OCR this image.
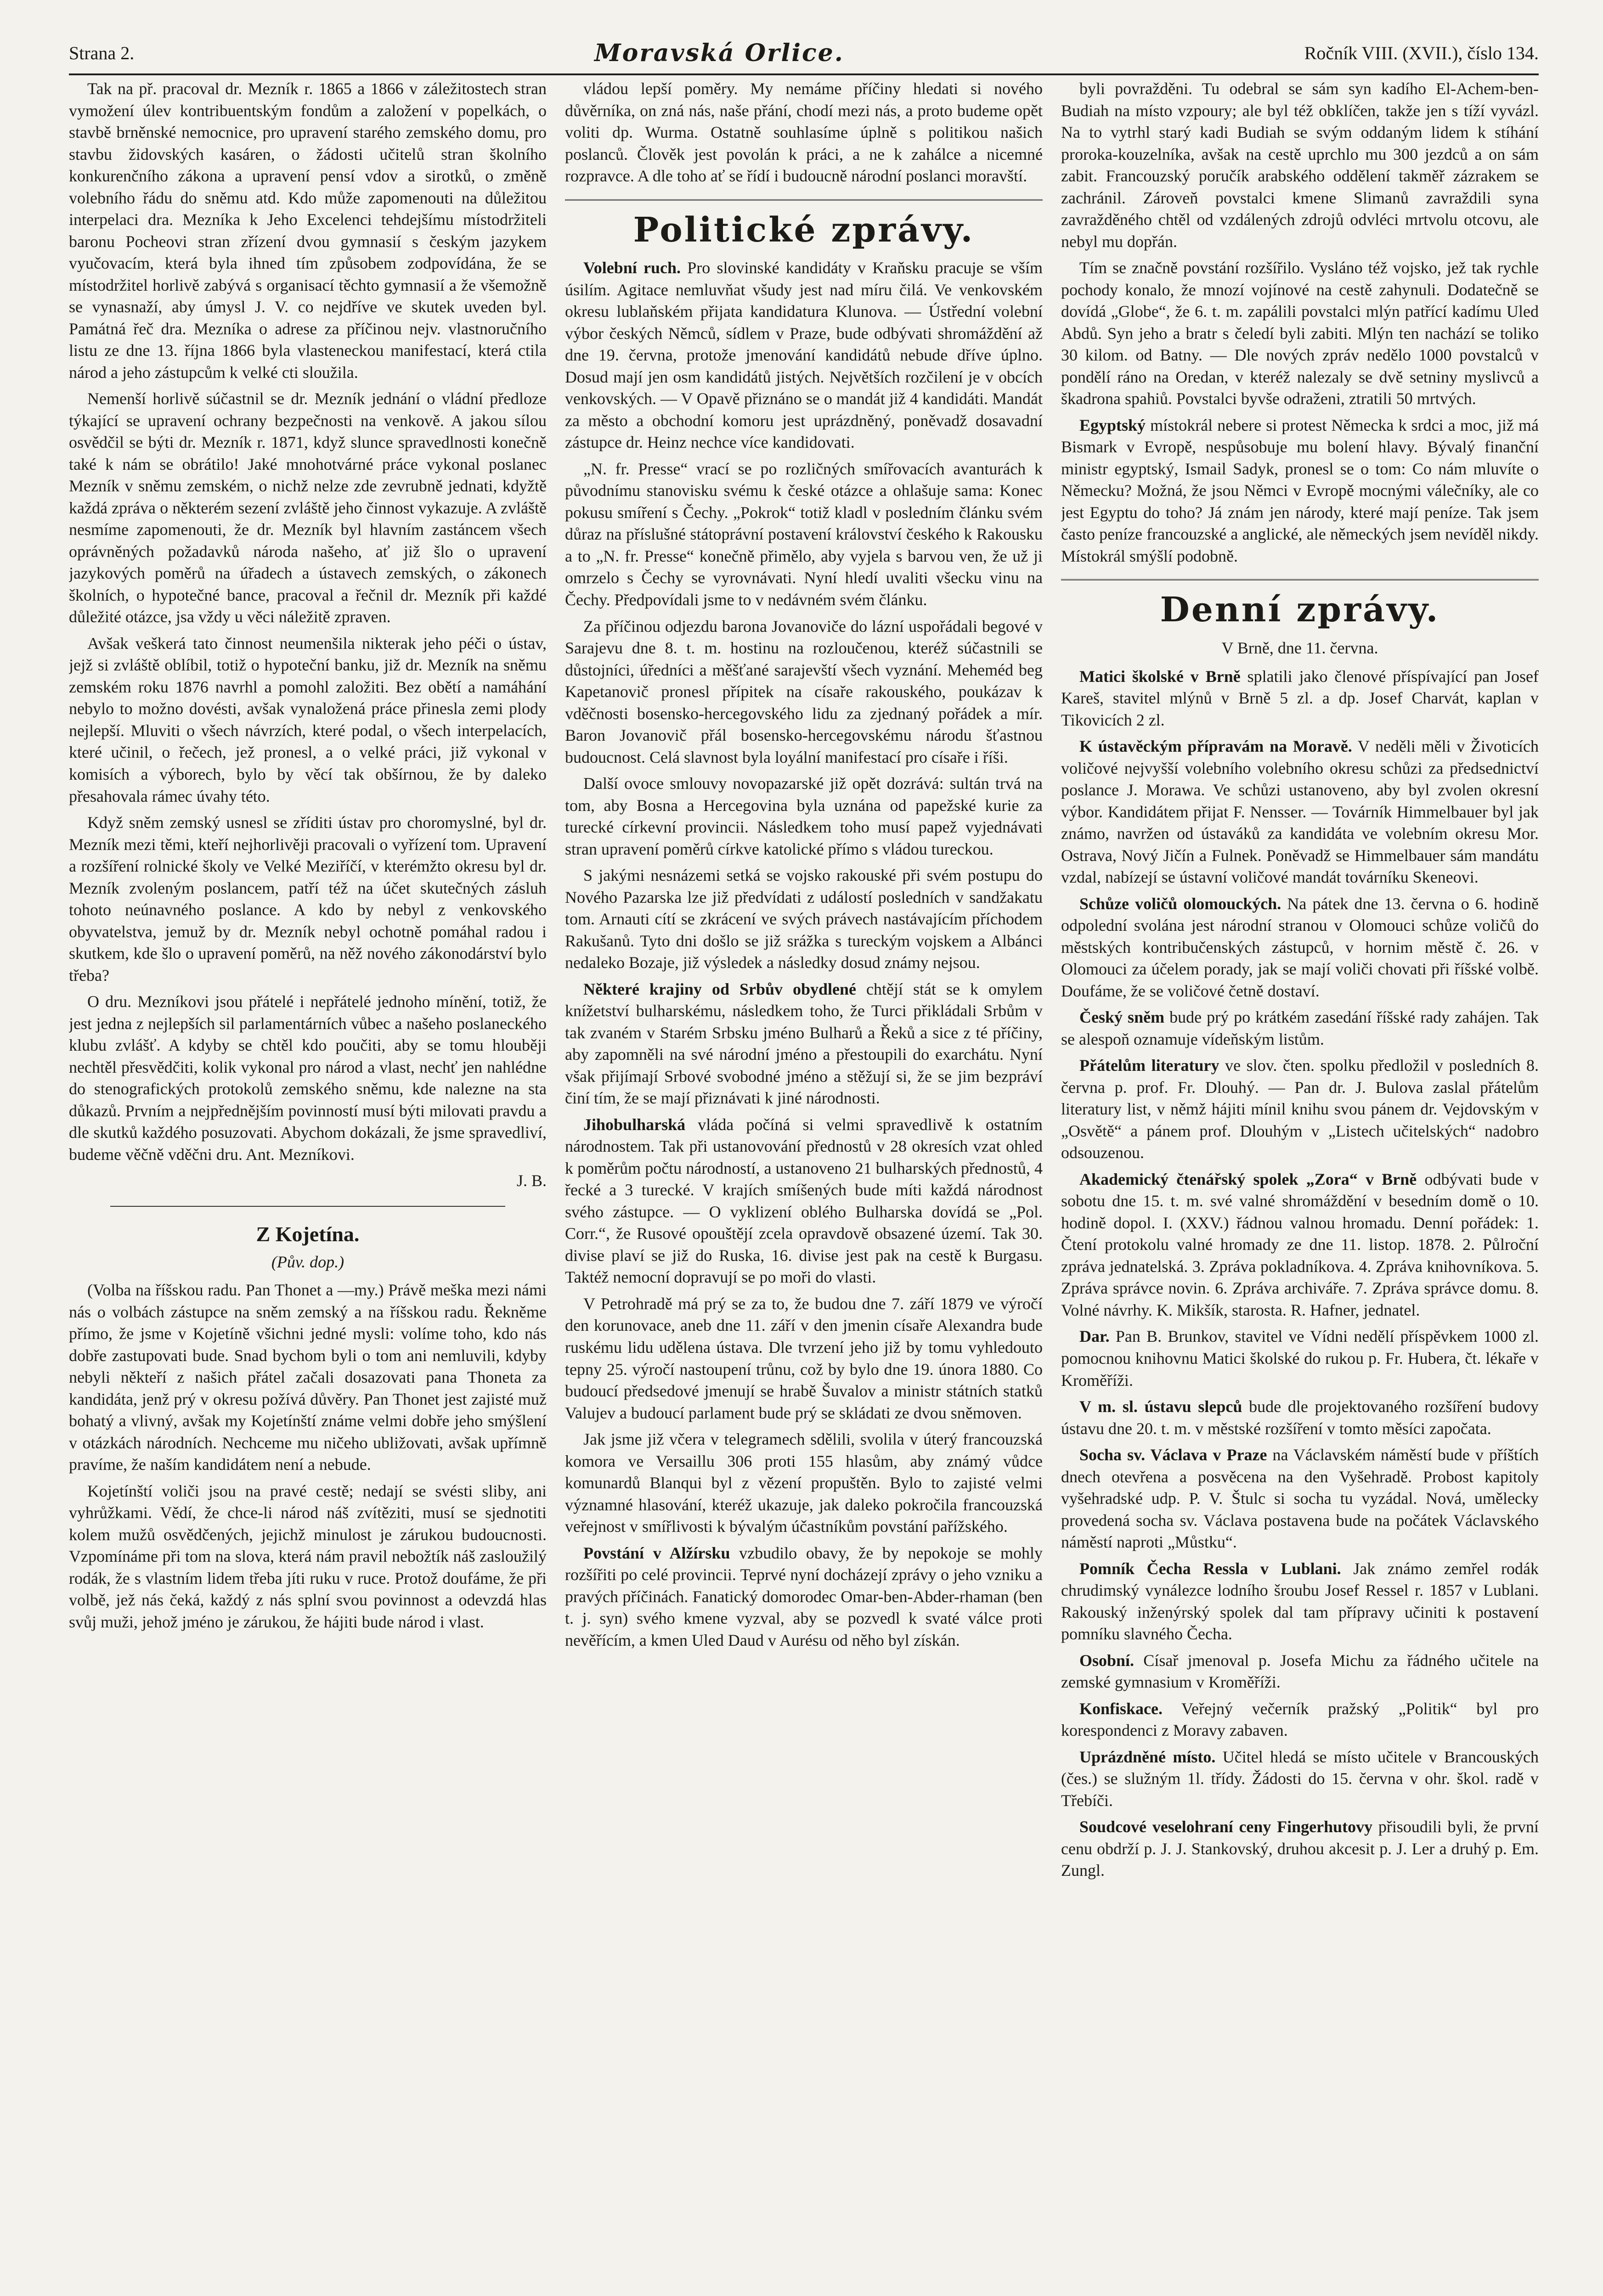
Strana 2.	Moravská Orlice.	Ročník VIII. (XVII.), číslo 134.

Tak na př. pracoval dr. Mezník r. 1865 a 1866 v záležitostech stran vymožení úlev kontribuentským fondům a založení v popelkách, o stavbě brněnské nemocnice, pro upravení starého zemského domu, pro stavbu židovských kasáren, o žádosti učitelů stran školního konkurenčního zákona a upravení pensí vdov a sirotků, o změně volebního řádu do sněmu atd. Kdo může zapomenouti na důležitou interpelaci dra. Mezníka k Jeho Excelenci tehdejšímu místodržiteli baronu Pocheovi stran zřízení dvou gymnasií s českým jazykem vyučovacím, která byla ihned tím způsobem zodpovídána, že se místodržitel horlivě zabývá s organisací těchto gymnasií a že všemožně se vynasnaží, aby úmysl J. V. co nejdříve ve skutek uveden byl. Památná řeč dra. Mezníka o adrese za příčinou nejv. vlastnoručního listu ze dne 13. října 1866 byla vlasteneckou manifestací, která ctila národ a jeho zástupcům k velké cti sloužila.

Nemenší horlivě súčastnil se dr. Mezník jednání o vládní předloze týkající se upravení ochrany bezpečnosti na venkově. A jakou sílou osvědčil se býti dr. Mezník r. 1871, když slunce spravedlnosti konečně také k nám se obrátilo! Jaké mnohotvárné práce vykonal poslanec Mezník v sněmu zemském, o nichž nelze zde zevrubně jednati, kdyžtě každá zpráva o některém sezení zvláště jeho činnost vykazuje. A zvláště nesmíme zapomenouti, že dr. Mezník byl hlavním zastáncem všech oprávněných požadavků národa našeho, ať již šlo o upravení jazykových poměrů na úřadech a ústavech zemských, o zákonech školních, o hypotečné bance, pracoval a řečnil dr. Mezník při každé důležité otázce, jsa vždy u věci náležitě zpraven.

Avšak veškerá tato činnost neumenšila nikterak jeho péči o ústav, jejž si zvláště oblíbil, totiž o hypoteční banku, již dr. Mezník na sněmu zemském roku 1876 navrhl a pomohl založiti. Bez obětí a namáhání nebylo to možno dovésti, avšak vynaložená práce přinesla zemi plody nejlepší. Mluviti o všech návrzích, které podal, o všech interpelacích, které učinil, o řečech, jež pronesl, a o velké práci, již vykonal v komisích a výborech, bylo by věcí tak obšírnou, že by daleko přesahovala rámec úvahy této.

Když sněm zemský usnesl se zříditi ústav pro choromyslné, byl dr. Mezník mezi těmi, kteří nejhorlivěji pracovali o vyřízení tom. Upravení a rozšíření rolnické školy ve Velké Meziříčí, v kterémžto okresu byl dr. Mezník zvoleným poslancem, patří též na účet skutečných zásluh tohoto neúnavného poslance. A kdo by nebyl z venkovského obyvatelstva, jemuž by dr. Mezník nebyl ochotně pomáhal radou i skutkem, kde šlo o upravení poměrů, na něž nového zákonodárství bylo třeba?

O dru. Mezníkovi jsou přátelé i nepřátelé jednoho mínění, totiž, že jest jedna z nejlepších sil parlamentárních vůbec a našeho poslaneckého klubu zvlášť. A kdyby se chtěl kdo poučiti, aby se tomu hlouběji nechtěl přesvědčiti, kolik vykonal pro národ a vlast, nechť jen nahlédne do stenografických protokolů zemského sněmu, kde nalezne na sta důkazů. Prvním a nejpřednějším povinností musí býti milovati pravdu a dle skutků každého posuzovati. Abychom dokázali, že jsme spravedliví, budeme věčně vděčni dru. Ant. Mezníkovi.

J. B.
Z Kojetína.
(Pův. dop.)

(Volba na říšskou radu. Pan Thonet a —my.) Právě meška mezi námi nás o volbách zástupce na sněm zemský a na říšskou radu. Řekněme přímo, že jsme v Kojetíně všichni jedné mysli: volíme toho, kdo nás dobře zastupovati bude. Snad bychom byli o tom ani nemluvili, kdyby nebyli někteří z našich přátel začali dosazovati pana Thoneta za kandidáta, jenž prý v okresu požívá důvěry. Pan Thonet jest zajisté muž bohatý a vlivný, avšak my Kojetínští známe velmi dobře jeho smýšlení v otázkách národních. Nechceme mu ničeho ubližovati, avšak upřímně pravíme, že naším kandidátem není a nebude.

Kojetínští voliči jsou na pravé cestě; nedají se svésti sliby, ani vyhrůžkami. Vědí, že chce-li národ náš zvítěziti, musí se sjednotiti kolem mužů osvědčených, jejichž minulost je zárukou budoucnosti. Vzpomínáme při tom na slova, která nám pravil nebožtík náš zasloužilý rodák, že s vlastním lidem třeba jíti ruku v ruce. Protož doufáme, že při volbě, jež nás čeká, každý z nás splní svou povinnost a odevzdá hlas svůj muži, jehož jméno je zárukou, že hájiti bude národ i vlast.

vládou lepší poměry. My nemáme příčiny hledati si nového důvěrníka, on zná nás, naše přání, chodí mezi nás, a proto budeme opět voliti dp. Wurma. Ostatně souhlasíme úplně s politikou našich poslanců. Člověk jest povolán k práci, a ne k zahálce a nicemné rozpravce. A dle toho ať se řídí i budoucně národní poslanci moravští.

Politické zprávy.

Volební ruch. Pro slovinské kandidáty v Kraňsku pracuje se vším úsilím. Agitace nemluvňat všudy jest nad míru čilá. Ve venkovském okresu lublaňském přijata kandidatura Klunova. — Ústřední volební výbor českých Němců, sídlem v Praze, bude odbývati shromáždění až dne 19. června, protože jmenování kandidátů nebude dříve úplno. Dosud mají jen osm kandidátů jistých. Největších rozčilení je v obcích venkovských. — V Opavě přiznáno se o mandát již 4 kandidáti. Mandát za město a obchodní komoru jest uprázdněný, poněvadž dosavadní zástupce dr. Heinz nechce více kandidovati.

„N. fr. Presse“ vrací se po rozličných smířovacích avanturách k původnímu stanovisku svému k české otázce a ohlašuje sama: Konec pokusu smíření s Čechy. „Pokrok“ totiž kladl v posledním článku svém důraz na příslušné státoprávní postavení království českého k Rakousku a to „N. fr. Presse“ konečně přimělo, aby vyjela s barvou ven, že už ji omrzelo s Čechy se vyrovnávati. Nyní hledí uvaliti všecku vinu na Čechy. Předpovídali jsme to v nedávném svém článku.

Za příčinou odjezdu barona Jovanoviče do lázní uspořádali begové v Sarajevu dne 8. t. m. hostinu na rozloučenou, kteréž súčastnili se důstojníci, úředníci a měšťané sarajevští všech vyznání. Meheméd beg Kapetanovič pronesl přípitek na císaře rakouského, poukázav k vděčnosti bosensko-hercegovského lidu za zjednaný pořádek a mír. Baron Jovanovič přál bosensko-hercegovskému národu šťastnou budoucnost. Celá slavnost byla loyální manifestací pro císaře i říši.

Další ovoce smlouvy novopazarské již opět dozrává: sultán trvá na tom, aby Bosna a Hercegovina byla uznána od papežské kurie za turecké církevní provincii. Následkem toho musí papež vyjednávati stran upravení poměrů církve katolické přímo s vládou tureckou.

S jakými nesnázemi setká se vojsko rakouské při svém postupu do Nového Pazarska lze již předvídati z událostí posledních v sandžakatu tom. Arnauti cítí se zkrácení ve svých právech nastávajícím příchodem Rakušanů. Tyto dni došlo se již srážka s tureckým vojskem a Albánci nedaleko Bozaje, již výsledek a následky dosud známy nejsou.

Některé krajiny od Srbův obydlené chtějí stát se k omylem knížetství bulharskému, následkem toho, že Turci přikládali Srbům v tak zvaném v Starém Srbsku jméno Bulharů a Řeků a sice z té příčiny, aby zapomněli na své národní jméno a přestoupili do exarchátu. Nyní však přijímají Srbové svobodné jméno a stěžují si, že se jim bezpráví činí tím, že se mají přiznávati k jiné národnosti.

Jihobulharská vláda počíná si velmi spravedlivě k ostatním národnostem. Tak při ustanovování přednostů v 28 okresích vzat ohled k poměrům počtu národností, a ustanoveno 21 bulharských přednostů, 4 řecké a 3 turecké. V krajích smíšených bude míti každá národnost svého zástupce. — O vyklizení oblého Bulharska dovídá se „Pol. Corr.“, že Rusové opouštějí zcela opravdově obsazené území. Tak 30. divise plaví se již do Ruska, 16. divise jest pak na cestě k Burgasu. Taktéž nemocní dopravují se po moři do vlasti.

V Petrohradě má prý se za to, že budou dne 7. září 1879 ve výročí den korunovace, aneb dne 11. září v den jmenin císaře Alexandra bude ruskému lidu udělena ústava. Dle tvrzení jeho již by tomu vyhledouto tepny 25. výročí nastoupení trůnu, což by bylo dne 19. února 1880. Co budoucí předsedové jmenují se hrabě Šuvalov a ministr státních statků Valujev a budoucí parlament bude prý se skládati ze dvou sněmoven.

Jak jsme již včera v telegramech sdělili, svolila v úterý francouzská komora ve Versaillu 306 proti 155 hlasům, aby známý vůdce komunardů Blanqui byl z vězení propuštěn. Bylo to zajisté velmi významné hlasování, kteréž ukazuje, jak daleko pokročila francouzská veřejnost v smířlivosti k bývalým účastníkům povstání pařížského.

Povstání v Alžírsku vzbudilo obavy, že by nepokoje se mohly rozšířiti po celé provincii. Teprvé nyní docházejí zprávy o jeho vzniku a pravých příčinách. Fanatický domorodec Omar-ben-Abder-rhaman (ben t. j. syn) svého kmene vyzval, aby se pozvedl k svaté válce proti nevěřícím, a kmen Uled Daud v Aurésu od něho byl získán.

byli povražděni. Tu odebral se sám syn kadího El-Achem-ben-Budiah na místo vzpoury; ale byl též obklíčen, takže jen s tíží vyvázl. Na to vytrhl starý kadi Budiah se svým oddaným lidem k stíhání proroka-kouzelníka, avšak na cestě uprchlo mu 300 jezdců a on sám zabit. Francouzský poručík arabského oddělení takměř zázrakem se zachránil. Zároveň povstalci kmene Slimanů zavraždili syna zavražděného chtěl od vzdálených zdrojů odvléci mrtvolu otcovu, ale nebyl mu dopřán.

Tím se značně povstání rozšířilo. Vysláno též vojsko, jež tak rychle pochody konalo, že mnozí vojínové na cestě zahynuli. Dodatečně se dovídá „Globe“, že 6. t. m. zapálili povstalci mlýn patřící kadímu Uled Abdů. Syn jeho a bratr s čeledí byli zabiti. Mlýn ten nachází se toliko 30 kilom. od Batny. — Dle nových zpráv nedělo 1000 povstalců v pondělí ráno na Oredan, v kteréž nalezaly se dvě setniny myslivců a škadrona spahiů. Povstalci byvše odraženi, ztratili 50 mrtvých.

Egyptský místokrál nebere si protest Německa k srdci a moc, již má Bismark v Evropě, nespůsobuje mu bolení hlavy. Bývalý finanční ministr egyptský, Ismail Sadyk, pronesl se o tom: Co nám mluvíte o Německu? Možná, že jsou Němci v Evropě mocnými válečníky, ale co jest Egyptu do toho? Já znám jen národy, které mají peníze. Tak jsem často peníze francouzské a anglické, ale německých jsem nevíděl nikdy. Místokrál smýšlí podobně.

Denní zprávy.
V Brně, dne 11. června.

Matici školské v Brně splatili jako členové příspívající pan Josef Kareš, stavitel mlýnů v Brně 5 zl. a dp. Josef Charvát, kaplan v Tikovicích 2 zl.

K ústavěckým přípravám na Moravě. V neděli měli v Životicích voličové nejvyšší volebního volebního okresu schůzi za předsednictví poslance J. Morawa. Ve schůzi ustanoveno, aby byl zvolen okresní výbor. Kandidátem přijat F. Nensser. — Továrník Himmelbauer byl jak známo, navržen od ústaváků za kandidáta ve volebním okresu Mor. Ostrava, Nový Jičín a Fulnek. Poněvadž se Himmelbauer sám mandátu vzdal, nabízejí se ústavní voličové mandát továrníku Skeneovi.

Schůze voličů olomouckých. Na pátek dne 13. června o 6. hodině odpolední svolána jest národní stranou v Olomouci schůze voličů do městských kontribučenských zástupců, v hornim městě č. 26. v Olomouci za účelem porady, jak se mají voliči chovati při říšské volbě. Doufáme, že se voličové četně dostaví.

Český sněm bude prý po krátkém zasedání říšské rady zahájen. Tak se alespoň oznamuje vídeňským listům.

Přátelům literatury ve slov. čten. spolku předložil v posledních 8. června p. prof. Fr. Dlouhý. — Pan dr. J. Bulova zaslal přátelům literatury list, v němž hájiti mínil knihu svou pánem dr. Vejdovským v „Osvětě“ a pánem prof. Dlouhým v „Listech učitelských“ nadobro odsouzenou.

Akademický čtenářský spolek „Zora“ v Brně odbývati bude v sobotu dne 15. t. m. své valné shromáždění v besedním domě o 10. hodině dopol. I. (XXV.) řádnou valnou hromadu. Denní pořádek: 1. Čtení protokolu valné hromady ze dne 11. listop. 1878. 2. Půlroční zpráva jednatelská. 3. Zpráva pokladníkova. 4. Zpráva knihovníkova. 5. Zpráva správce novin. 6. Zpráva archiváře. 7. Zpráva správce domu. 8. Volné návrhy. K. Mikšík, starosta. R. Hafner, jednatel.

Dar. Pan B. Brunkov, stavitel ve Vídni nedělí příspěvkem 1000 zl. pomocnou knihovnu Matici školské do rukou p. Fr. Hubera, čt. lékaře v Kroměříži.

V m. sl. ústavu slepců bude dle projektovaného rozšíření budovy ústavu dne 20. t. m. v městské rozšíření v tomto měsíci započata.

Socha sv. Václava v Praze na Václavském náměstí bude v příštích dnech otevřena a posvěcena na den Vyšehradě. Probost kapitoly vyšehradské udp. P. V. Štulc si socha tu vyzádal. Nová, umělecky provedená socha sv. Václava postavena bude na počátek Václavského náměstí naproti „Můstku“.

Pomník Čecha Ressla v Lublani. Jak známo zemřel rodák chrudimský vynálezce lodního šroubu Josef Ressel r. 1857 v Lublani. Rakouský inženýrský spolek dal tam přípravy učiniti k postavení pomníku slavného Čecha.

Osobní. Císař jmenoval p. Josefa Michu za řádného učitele na zemské gymnasium v Kroměříži.

Konfiskace. Veřejný večerník pražský „Politik“ byl pro korespondenci z Moravy zabaven.

Uprázdněné místo. Učitel hledá se místo učitele v Brancouských (čes.) se služným 1l. třídy. Žádosti do 15. června v ohr. škol. radě v Třebíči.

Soudcové veselohraní ceny Fingerhutovy přisoudili byli, že první cenu obdrží p. J. J. Stankovský, druhou akcesit p. J. Ler a druhý p. Em. Zungl.
